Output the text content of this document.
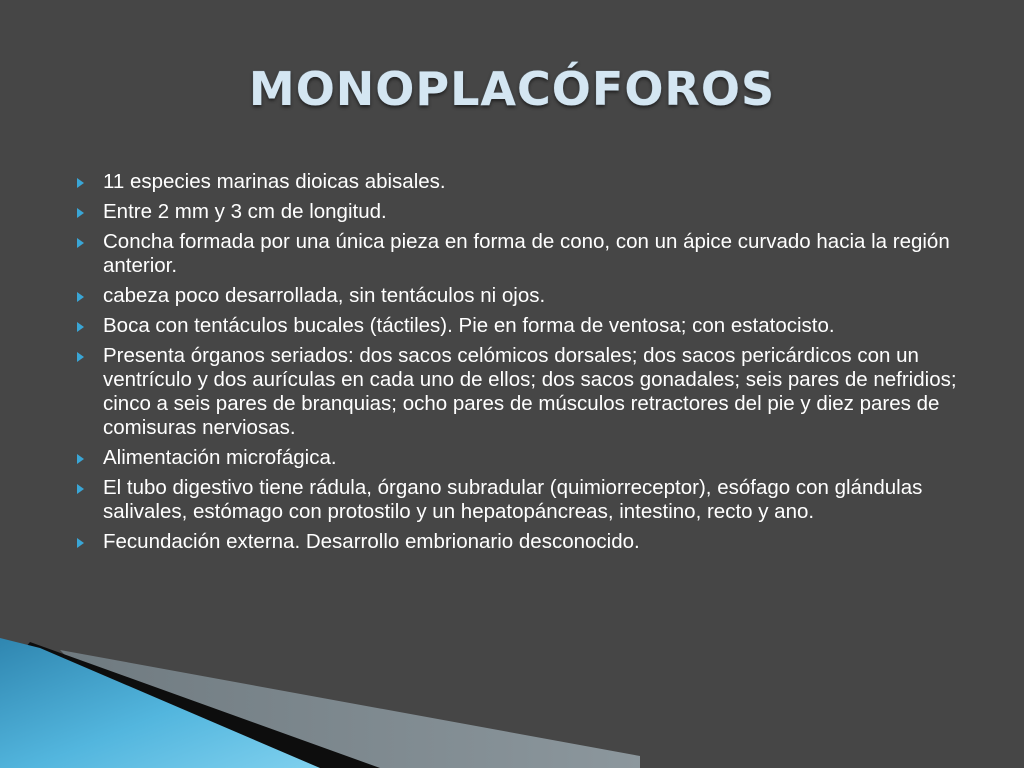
MONOPLACÓFOROS
11 especies marinas dioicas abisales.
Entre 2 mm y 3 cm de longitud.
Concha formada por una única pieza en forma de cono, con un ápice curvado hacia la región anterior.
cabeza poco desarrollada, sin tentáculos ni ojos.
Boca con tentáculos bucales (táctiles). Pie en forma de ventosa; con estatocisto.
Presenta órganos seriados: dos sacos celómicos dorsales; dos sacos pericárdicos con un ventrículo y dos aurículas en cada uno de ellos; dos sacos gonadales; seis pares de nefridios; cinco a seis pares de branquias; ocho pares de músculos retractores del pie y diez pares de comisuras nerviosas.
Alimentación microfágica.
El tubo digestivo tiene rádula, órgano subradular (quimiorreceptor), esófago con glándulas salivales, estómago con protostilo y un hepatopáncreas, intestino, recto y ano.
Fecundación externa. Desarrollo embrionario desconocido.
